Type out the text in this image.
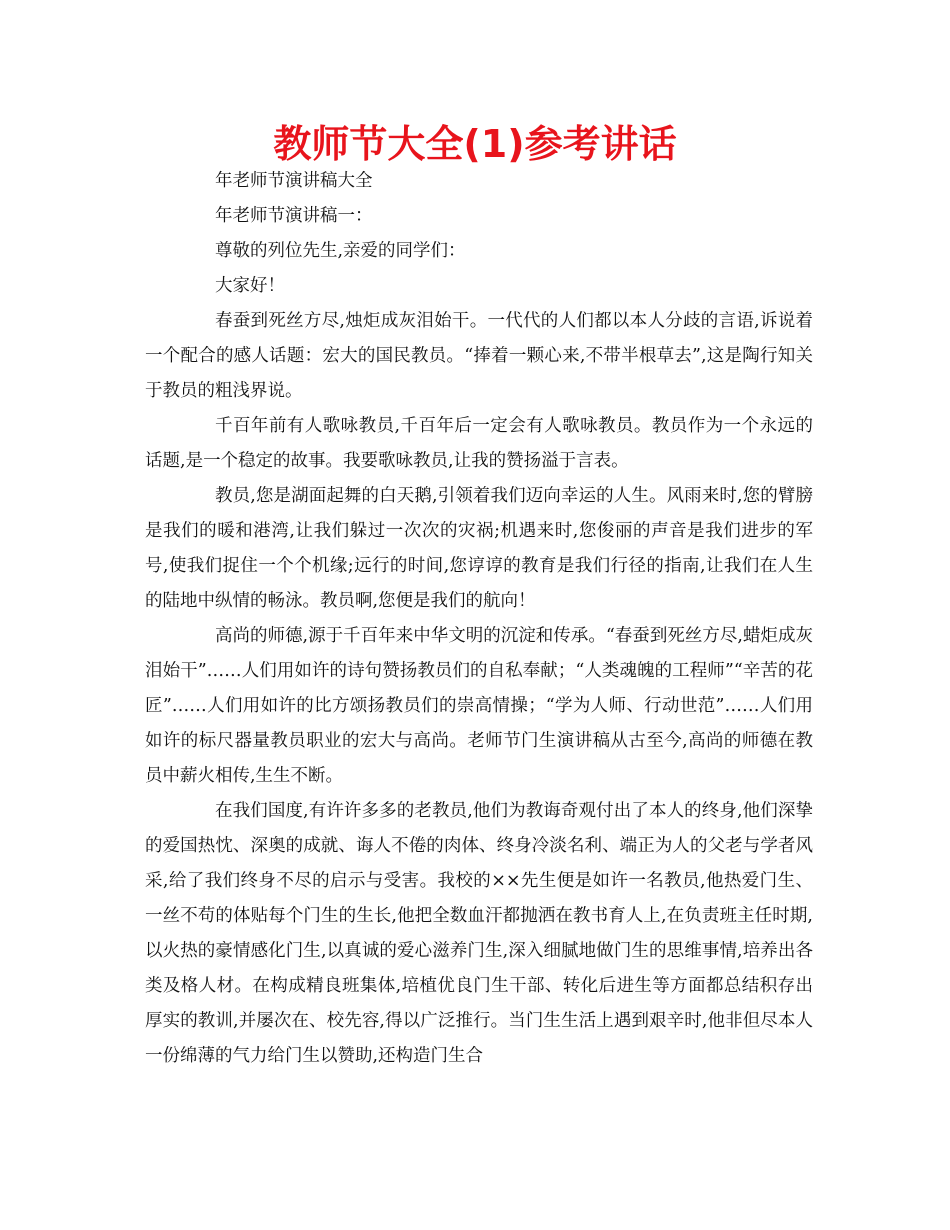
教师节大全(1)参考讲话

年老师节演讲稿大全

年老师节演讲稿一：

尊敬的列位先生,亲爱的同学们：

大家好！

春蚕到死丝方尽,烛炬成灰泪始干。一代代的人们都以本人分歧的言语,诉说着一个配合的感人话题：宏大的国民教员。“捧着一颗心来,不带半根草去”,这是陶行知关于教员的粗浅界说。

千百年前有人歌咏教员,千百年后一定会有人歌咏教员。教员作为一个永远的话题,是一个稳定的故事。我要歌咏教员,让我的赞扬溢于言表。

教员,您是湖面起舞的白天鹅,引领着我们迈向幸运的人生。风雨来时,您的臂膀是我们的暖和港湾,让我们躲过一次次的灾祸;机遇来时,您俊丽的声音是我们进步的军号,使我们捉住一个个机缘;远行的时间,您谆谆的教育是我们行径的指南,让我们在人生的陆地中纵情的畅泳。教员啊,您便是我们的航向！

高尚的师德,源于千百年来中华文明的沉淀和传承。“春蚕到死丝方尽,蜡炬成灰泪始干”……人们用如许的诗句赞扬教员们的自私奉献；“人类魂魄的工程师”“辛苦的花匠”……人们用如许的比方颂扬教员们的崇高情操；“学为人师、行动世范”……人们用如许的标尺器量教员职业的宏大与高尚。老师节门生演讲稿从古至今,高尚的师德在教员中薪火相传,生生不断。

在我们国度,有许许多多的老教员,他们为教诲奇观付出了本人的终身,他们深挚的爱国热忱、深奥的成就、诲人不倦的肉体、终身冷淡名利、端正为人的父老与学者风采,给了我们终身不尽的启示与受害。我校的××先生便是如许一名教员,他热爱门生、一丝不苟的体贴每个门生的生长,他把全数血汗都抛洒在教书育人上,在负责班主任时期,以火热的豪情感化门生,以真诚的爱心滋养门生,深入细腻地做门生的思维事情,培养出各类及格人材。在构成精良班集体,培植优良门生干部、转化后进生等方面都总结积存出厚实的教训,并屡次在、校先容,得以广泛推行。当门生生活上遇到艰辛时,他非但尽本人一份绵薄的气力给门生以赞助,还构造门生合
